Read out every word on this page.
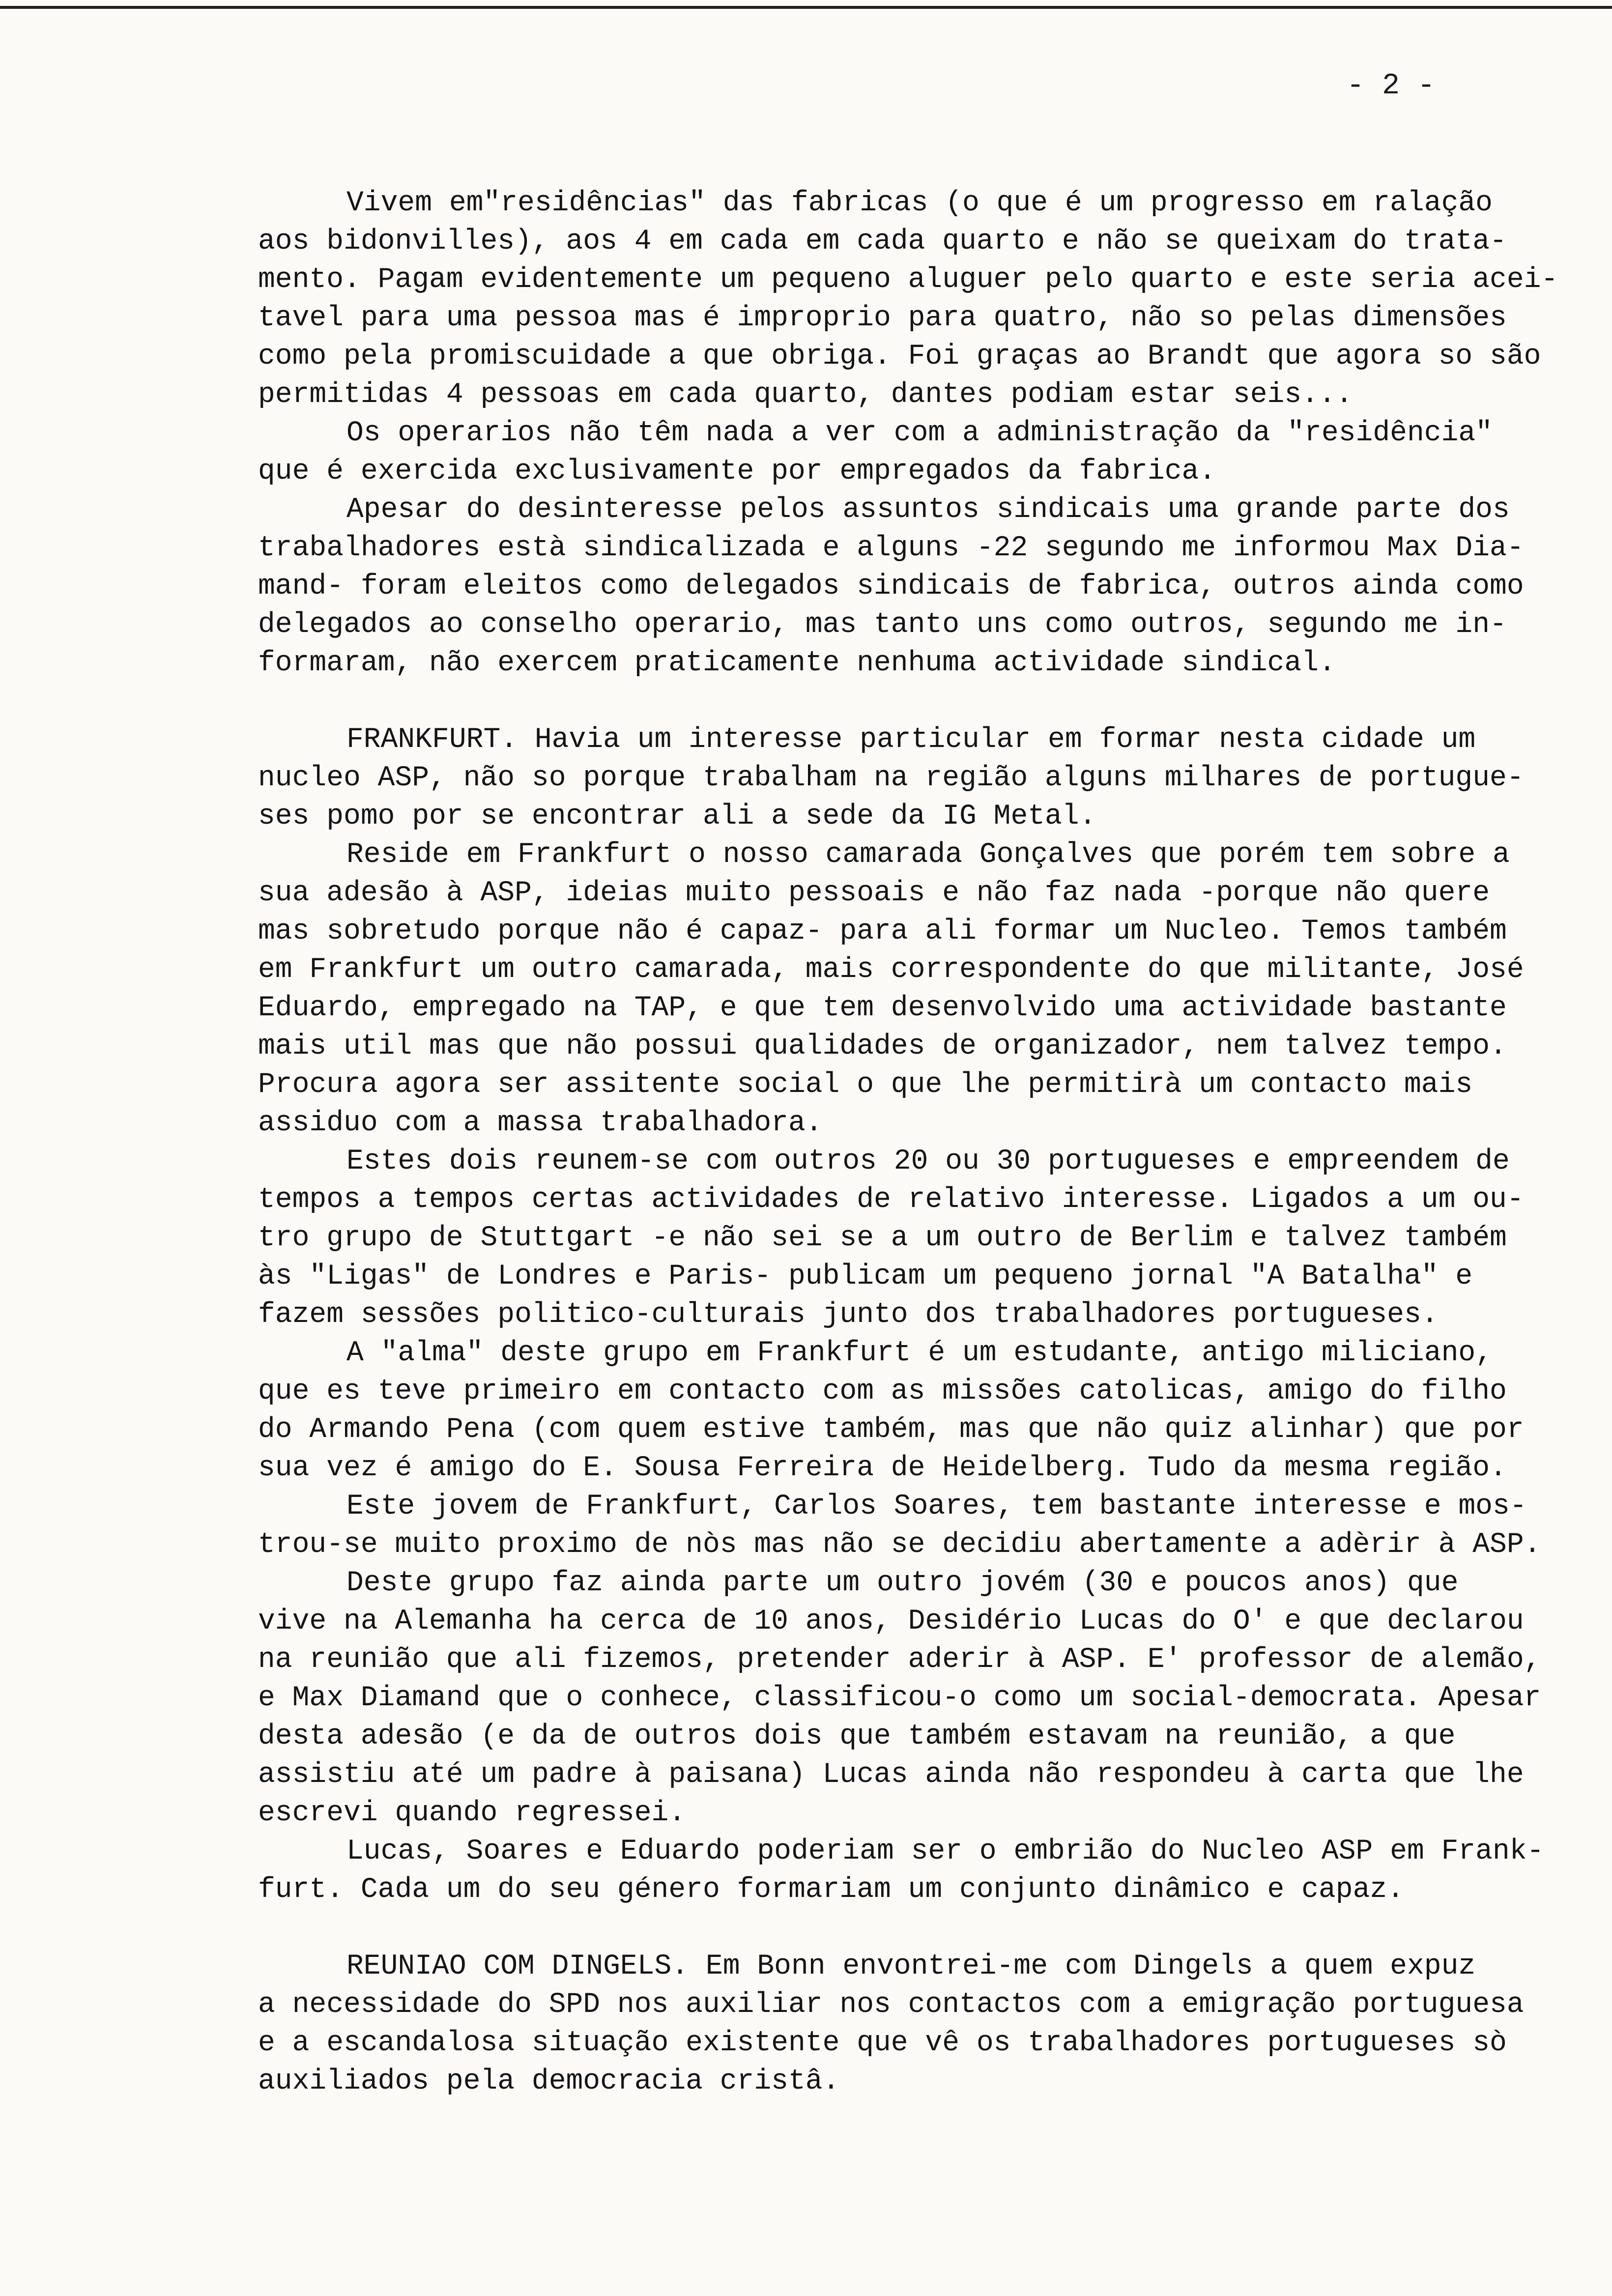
- 2 -

Vivem em"residências" das fabricas (o que é um progresso em ralação
aos bidonvilles), aos 4 em cada em cada quarto e não se queixam do trata-
mento. Pagam evidentemente um pequeno aluguer pelo quarto e este seria acei-
tavel para uma pessoa mas é improprio para quatro, não so pelas dimensões
como pela promiscuidade a que obriga. Foi graças ao Brandt que agora so são
permitidas 4 pessoas em cada quarto, dantes podiam estar seis...

Os operarios não têm nada a ver com a administração da "residência"
que é exercida exclusivamente por empregados da fabrica.

Apesar do desinteresse pelos assuntos sindicais uma grande parte dos
trabalhadores està sindicalizada e alguns -22 segundo me informou Max Dia-
mand- foram eleitos como delegados sindicais de fabrica, outros ainda como
delegados ao conselho operario, mas tanto uns como outros, segundo me in-
formaram, não exercem praticamente nenhuma actividade sindical.

FRANKFURT. Havia um interesse particular em formar nesta cidade um
nucleo ASP, não so porque trabalham na região alguns milhares de portugue-
ses pomo por se encontrar ali a sede da IG Metal.

Reside em Frankfurt o nosso camarada Gonçalves que porém tem sobre a
sua adesão à ASP, ideias muito pessoais e não faz nada -porque não quere
mas sobretudo porque não é capaz- para ali formar um Nucleo. Temos também
em Frankfurt um outro camarada, mais correspondente do que militante, José
Eduardo, empregado na TAP, e que tem desenvolvido uma actividade bastante
mais util mas que não possui qualidades de organizador, nem talvez tempo.
Procura agora ser assitente social o que lhe permitirà um contacto mais
assiduo com a massa trabalhadora.

Estes dois reunem-se com outros 20 ou 30 portugueses e empreendem de
tempos a tempos certas actividades de relativo interesse. Ligados a um ou-
tro grupo de Stuttgart -e não sei se a um outro de Berlim e talvez também
às "Ligas" de Londres e Paris- publicam um pequeno jornal "A Batalha" e
fazem sessões politico-culturais junto dos trabalhadores portugueses.

A "alma" deste grupo em Frankfurt é um estudante, antigo miliciano,
que es teve primeiro em contacto com as missões catolicas, amigo do filho
do Armando Pena (com quem estive também, mas que não quiz alinhar) que por
sua vez é amigo do E. Sousa Ferreira de Heidelberg. Tudo da mesma região.

Este jovem de Frankfurt, Carlos Soares, tem bastante interesse e mos-
trou-se muito proximo de nòs mas não se decidiu abertamente a adèrir à ASP.

Deste grupo faz ainda parte um outro jovém (30 e poucos anos) que
vive na Alemanha ha cerca de 10 anos, Desidério Lucas do O' e que declarou
na reunião que ali fizemos, pretender aderir à ASP. E' professor de alemão,
e Max Diamand que o conhece, classificou-o como um social-democrata. Apesar
desta adesão (e da de outros dois que também estavam na reunião, a que
assistiu até um padre à paisana) Lucas ainda não respondeu à carta que lhe
escrevi quando regressei.

Lucas, Soares e Eduardo poderiam ser o embrião do Nucleo ASP em Frank-
furt. Cada um do seu género formariam um conjunto dinâmico e capaz.

REUNIAO COM DINGELS. Em Bonn envontrei-me com Dingels a quem expuz
a necessidade do SPD nos auxiliar nos contactos com a emigração portuguesa
e a escandalosa situação existente que vê os trabalhadores portugueses sò
auxiliados pela democracia cristâ.
